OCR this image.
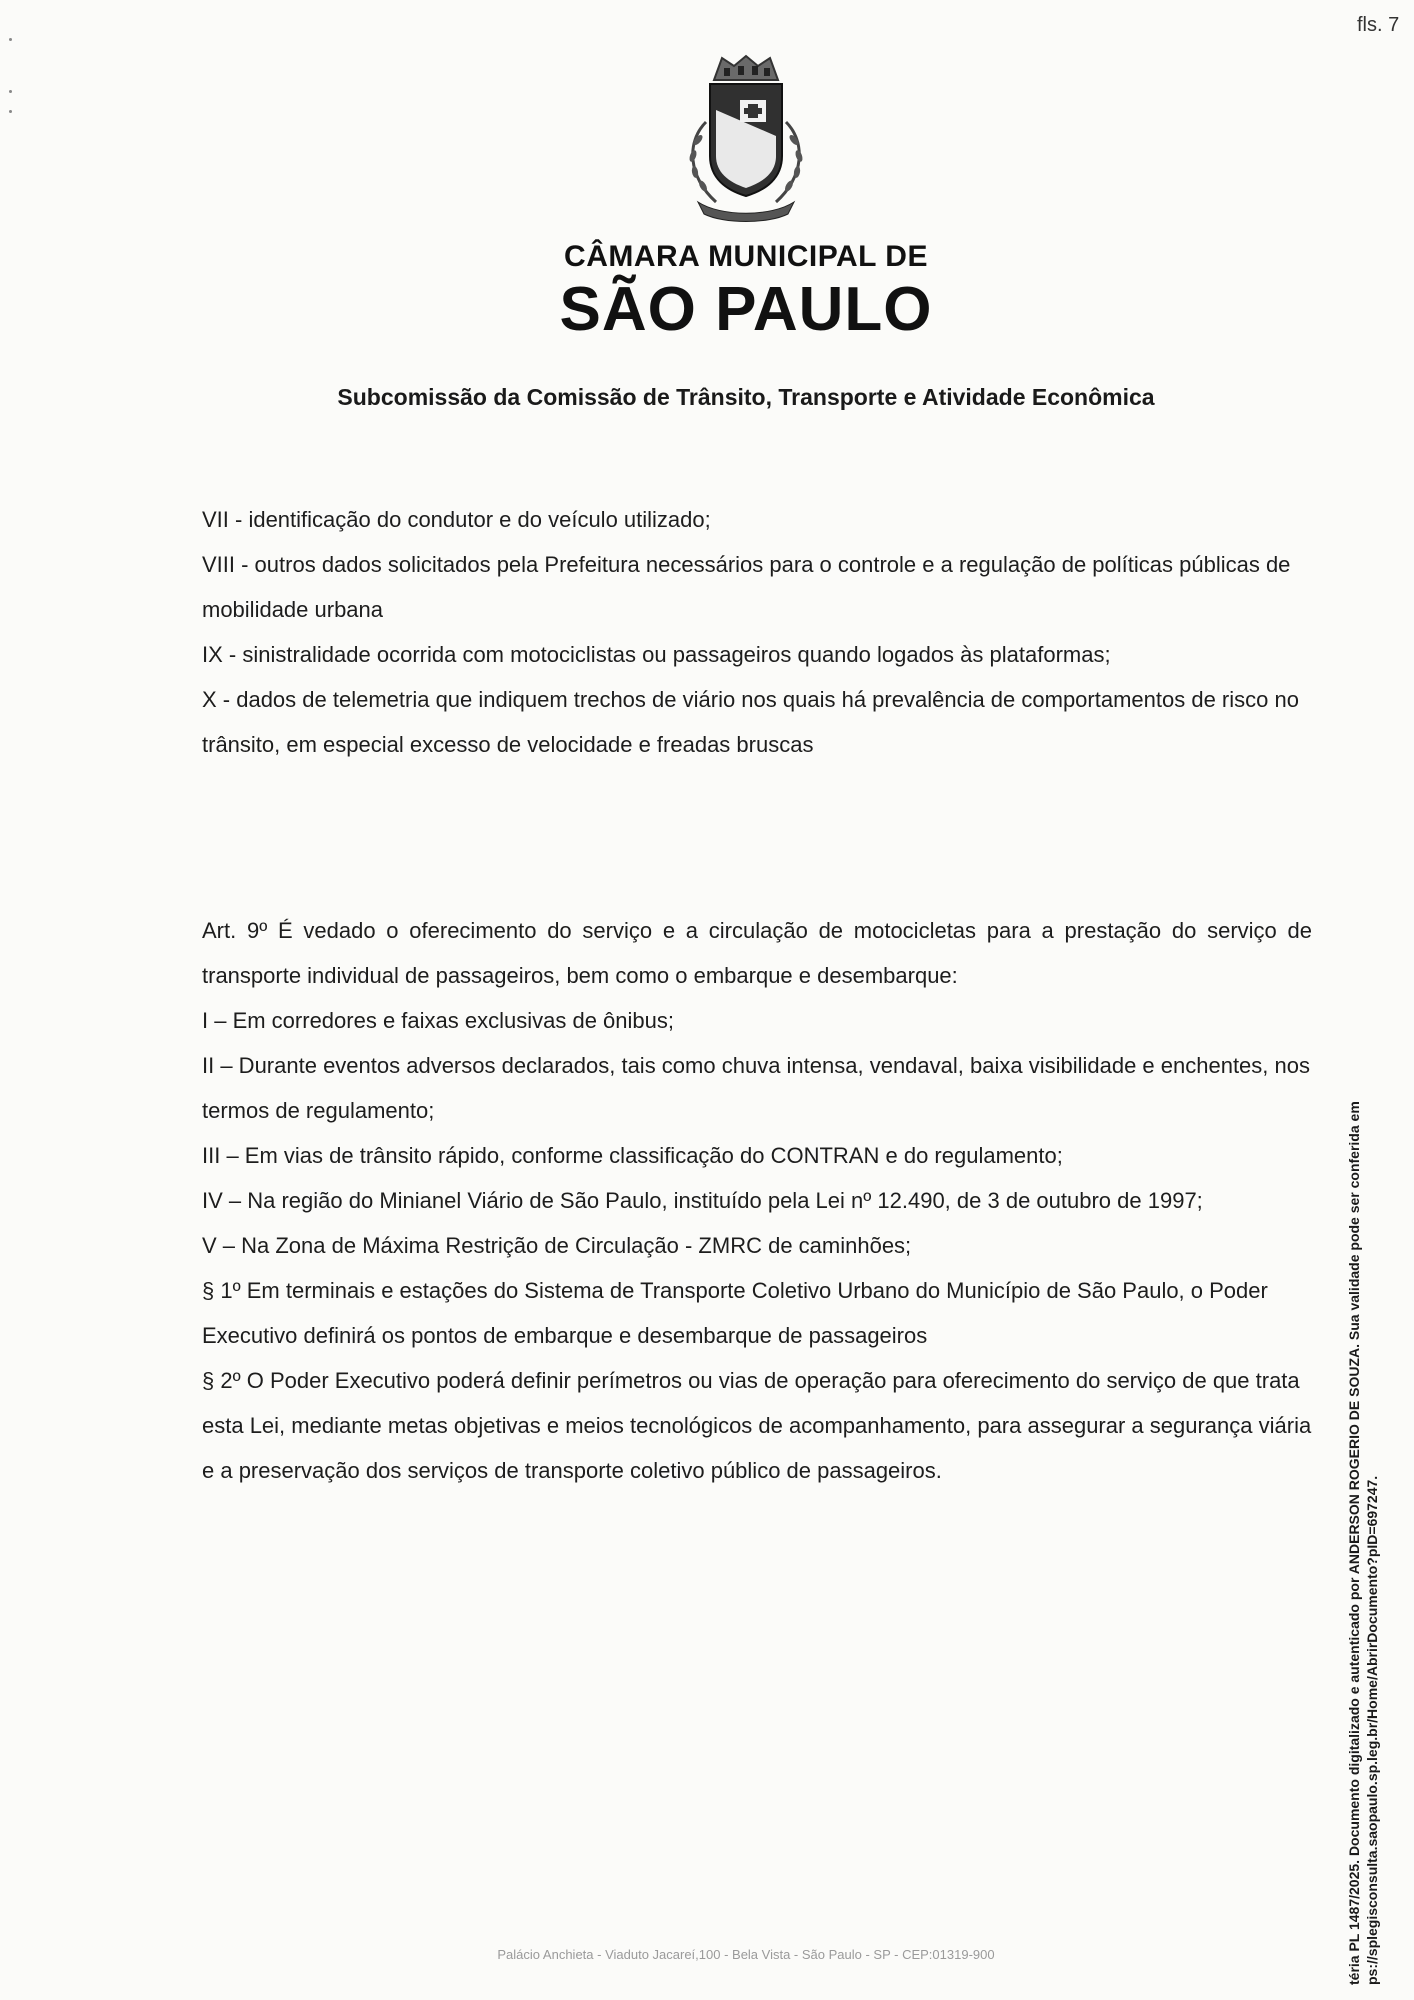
fls. 7
CÂMARA MUNICIPAL DE
SÃO PAULO
Subcomissão da Comissão de Trânsito, Transporte e Atividade Econômica

VII - identificação do condutor e do veículo utilizado;

VIII - outros dados solicitados pela Prefeitura necessários para o controle e a regulação de políticas públicas de mobilidade urbana

IX - sinistralidade ocorrida com motociclistas ou passageiros quando logados às plataformas;

X - dados de telemetria que indiquem trechos de viário nos quais há prevalência de comportamentos de risco no trânsito, em especial excesso de velocidade e freadas bruscas

Art. 9º É vedado o oferecimento do serviço e a circulação de motocicletas para a prestação do serviço de transporte individual de passageiros, bem como o embarque e desembarque:

I – Em corredores e faixas exclusivas de ônibus;

II – Durante eventos adversos declarados, tais como chuva intensa, vendaval, baixa visibilidade e enchentes, nos termos de regulamento;

III – Em vias de trânsito rápido, conforme classificação do CONTRAN e do regulamento;

IV – Na região do Minianel Viário de São Paulo, instituído pela Lei nº 12.490, de 3 de outubro de 1997;

V – Na Zona de Máxima Restrição de Circulação - ZMRC de caminhões;

§ 1º Em terminais e estações do Sistema de Transporte Coletivo Urbano do Município de São Paulo, o Poder Executivo definirá os pontos de embarque e desembarque de passageiros

§ 2º O Poder Executivo poderá definir perímetros ou vias de operação para oferecimento do serviço de que trata esta Lei, mediante metas objetivas e meios tecnológicos de acompanhamento, para assegurar a segurança viária e a preservação dos serviços de transporte coletivo público de passageiros.

Palácio Anchieta - Viaduto Jacareí,100 - Bela Vista - São Paulo - SP - CEP:01319-900	téria PL 1487/2025. Documento digitalizado e autenticado por ANDERSON ROGERIO DE SOUZA. Sua validade pode ser conferida em ps://splegisconsulta.saopaulo.sp.leg.br/Home/AbrirDocumento?pID=697247.
